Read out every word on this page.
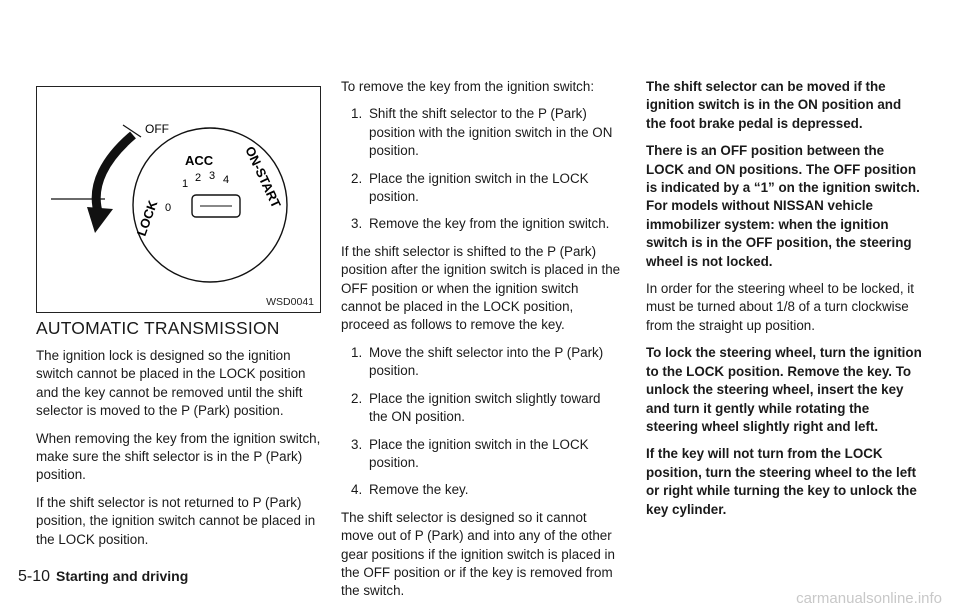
OFF
ACC ON-START
LOCK
1 2 3 4
0
WSD0041
AUTOMATIC TRANSMISSION

The ignition lock is designed so the ignition switch cannot be placed in the LOCK position and the key cannot be removed until the shift selector is moved to the P (Park) position.

When removing the key from the ignition switch, make sure the shift selector is in the P (Park) position.

If the shift selector is not returned to P (Park) position, the ignition switch cannot be placed in the LOCK position.

To remove the key from the ignition switch:

1. Shift the shift selector to the P (Park) position with the ignition switch in the ON position.
2. Place the ignition switch in the LOCK position.
3. Remove the key from the ignition switch.

If the shift selector is shifted to the P (Park) position after the ignition switch is placed in the OFF position or when the ignition switch cannot be placed in the LOCK position, proceed as follows to remove the key.

1. Move the shift selector into the P (Park) position.
2. Place the ignition switch slightly toward the ON position.
3. Place the ignition switch in the LOCK position.
4. Remove the key.

The shift selector is designed so it cannot move out of P (Park) and into any of the other gear positions if the ignition switch is placed in the OFF position or if the key is removed from the switch.

The shift selector can be moved if the ignition switch is in the ON position and the foot brake pedal is depressed.

There is an OFF position between the LOCK and ON positions. The OFF position is indicated by a “1” on the ignition switch. For models without NISSAN vehicle immobilizer system: when the ignition switch is in the OFF position, the steering wheel is not locked.

In order for the steering wheel to be locked, it must be turned about 1/8 of a turn clockwise from the straight up position.

To lock the steering wheel, turn the ignition to the LOCK position. Remove the key. To unlock the steering wheel, insert the key and turn it gently while rotating the steering wheel slightly right and left.

If the key will not turn from the LOCK position, turn the steering wheel to the left or right while turning the key to unlock the key cylinder.

5-10 Starting and driving
carmanualsonline.info
